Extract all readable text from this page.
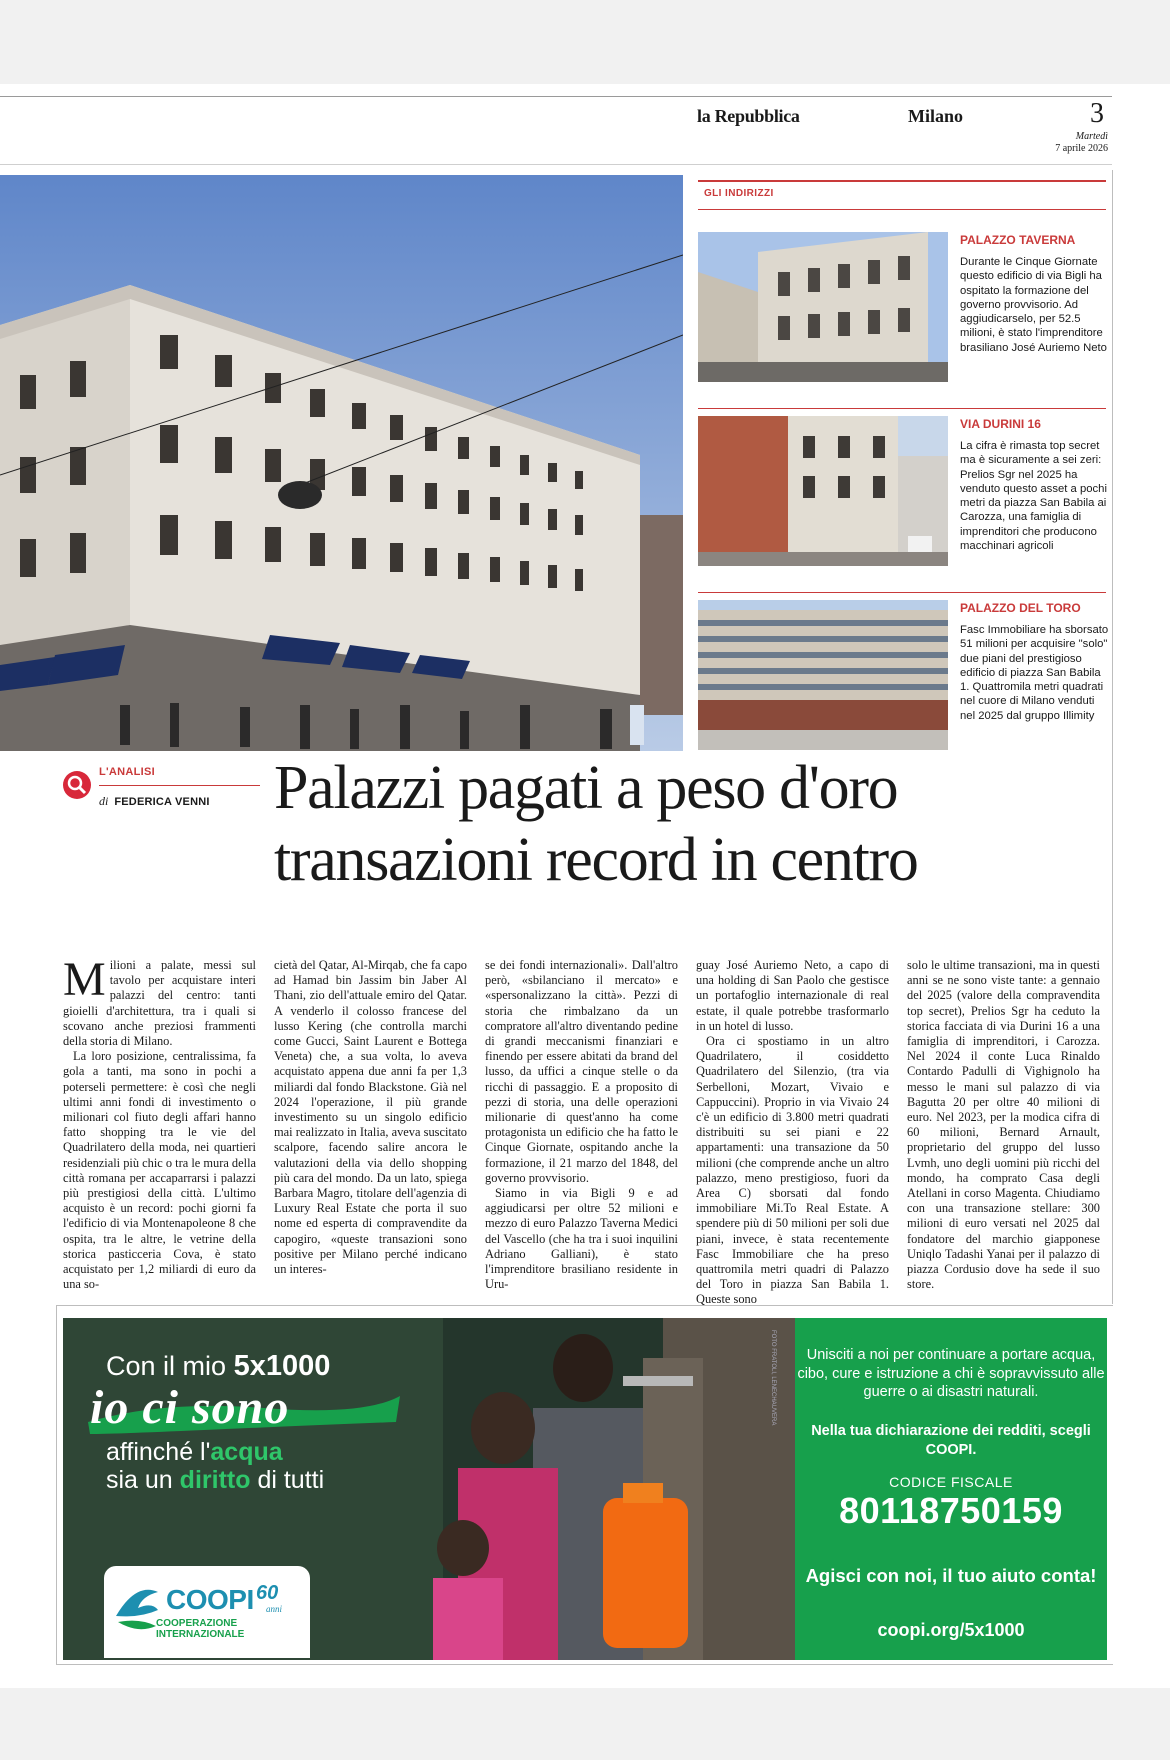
la Repubblica	Milano	3
Martedì
7 aprile 2026
GLI INDIRIZZI
PALAZZO TAVERNA
Durante le Cinque Giornate questo edificio di via Bigli ha ospitato la formazione del governo provvisorio. Ad aggiudicarselo, per 52.5 milioni, è stato l'imprenditore brasiliano José Auriemo Neto
VIA DURINI 16
La cifra è rimasta top secret ma è sicuramente a sei zeri: Prelios Sgr nel 2025 ha venduto questo asset a pochi metri da piazza San Babila ai Carozza, una famiglia di imprenditori che producono macchinari agricoli
PALAZZO DEL TORO
Fasc Immobiliare ha sborsato 51 milioni per acquisire "solo" due piani del prestigioso edificio di piazza San Babila 1. Quattromila metri quadrati nel cuore di Milano venduti nel 2025 dal gruppo Illimity
L'ANALISI
di FEDERICA VENNI Palazzi pagati a peso d'oro
transazioni record in centro

Milioni a palate, messi sul tavolo per acquistare interi palazzi del centro: tanti gioielli d'architettura, tra i quali si scovano anche preziosi frammenti della storia di Milano.

La loro posizione, centralissima, fa gola a tanti, ma sono in pochi a poterseli permettere: è così che negli ultimi anni fondi di investimento o milionari col fiuto degli affari hanno fatto shopping tra le vie del Quadrilatero della moda, nei quartieri residenziali più chic o tra le mura della città romana per accaparrarsi i palazzi più prestigiosi della città. L'ultimo acquisto è un record: pochi giorni fa l'edificio di via Montenapoleone 8 che ospita, tra le altre, le vetrine della storica pasticceria Cova, è stato acquistato per 1,2 miliardi di euro da una so-

cietà del Qatar, Al-Mirqab, che fa capo ad Hamad bin Jassim bin Jaber Al Thani, zio dell'attuale emiro del Qatar. A venderlo il colosso francese del lusso Kering (che controlla marchi come Gucci, Saint Laurent e Bottega Veneta) che, a sua volta, lo aveva acquistato appena due anni fa per 1,3 miliardi dal fondo Blackstone. Già nel 2024 l'operazione, il più grande investimento su un singolo edificio mai realizzato in Italia, aveva suscitato scalpore, facendo salire ancora le valutazioni della via dello shopping più cara del mondo. Da un lato, spiega Barbara Magro, titolare dell'agenzia di Luxury Real Estate che porta il suo nome ed esperta di compravendite da capogiro, «queste transazioni sono positive per Milano perché indicano un interes-

se dei fondi internazionali». Dall'altro però, «sbilanciano il mercato» e «spersonalizzano la città». Pezzi di storia che rimbalzano da un compratore all'altro diventando pedine di grandi meccanismi finanziari e finendo per essere abitati da brand del lusso, da uffici a cinque stelle o da ricchi di passaggio. E a proposito di pezzi di storia, una delle operazioni milionarie di quest'anno ha come protagonista un edificio che ha fatto le Cinque Giornate, ospitando anche la formazione, il 21 marzo del 1848, del governo provvisorio.

Siamo in via Bigli 9 e ad aggiudicarsi per oltre 52 milioni e mezzo di euro Palazzo Taverna Medici del Vascello (che ha tra i suoi inquilini Adriano Galliani), è stato l'imprenditore brasiliano residente in Uru-

guay José Auriemo Neto, a capo di una holding di San Paolo che gestisce un portafoglio internazionale di real estate, il quale potrebbe trasformarlo in un hotel di lusso.

Ora ci spostiamo in un altro Quadrilatero, il cosiddetto Quadrilatero del Silenzio, (tra via Serbelloni, Mozart, Vivaio e Cappuccini). Proprio in via Vivaio 24 c'è un edificio di 3.800 metri quadrati distribuiti su sei piani e 22 appartamenti: una transazione da 50 milioni (che comprende anche un altro palazzo, meno prestigioso, fuori da Area C) sborsati dal fondo immobiliare Mi.To Real Estate. A spendere più di 50 milioni per soli due piani, invece, è stata recentemente Fasc Immobiliare che ha preso quattromila metri quadri di Palazzo del Toro in piazza San Babila 1. Queste sono

solo le ultime transazioni, ma in questi anni se ne sono viste tante: a gennaio del 2025 (valore della compravendita top secret), Prelios Sgr ha ceduto la storica facciata di via Durini 16 a una famiglia di imprenditori, i Carozza. Nel 2024 il conte Luca Rinaldo Contardo Padulli di Vighignolo ha messo le mani sul palazzo di via Bagutta 20 per oltre 40 milioni di euro. Nel 2023, per la modica cifra di 60 milioni, Bernard Arnault, proprietario del gruppo del lusso Lvmh, uno degli uomini più ricchi del mondo, ha comprato Casa degli Atellani in corso Magenta. Chiudiamo con una transazione stellare: 300 milioni di euro versati nel 2025 dal fondatore del marchio giapponese Uniqlo Tadashi Yanai per il palazzo di piazza Cordusio dove ha sede il suo store.

FOTO FRATOLI, LENECHAUVERA
Con il mio 5x1000
io ci sono
affinché l'acqua
sia un diritto di tutti
COOPI 60
anni
COOPERAZIONE
INTERNAZIONALE
Unisciti a noi per continuare a portare acqua, cibo, cure e istruzione a chi è sopravvissuto alle guerre o ai disastri naturali.
Nella tua dichiarazione dei redditi, scegli COOPI.
CODICE FISCALE
80118750159
Agisci con noi, il tuo aiuto conta!
coopi.org/5x1000
